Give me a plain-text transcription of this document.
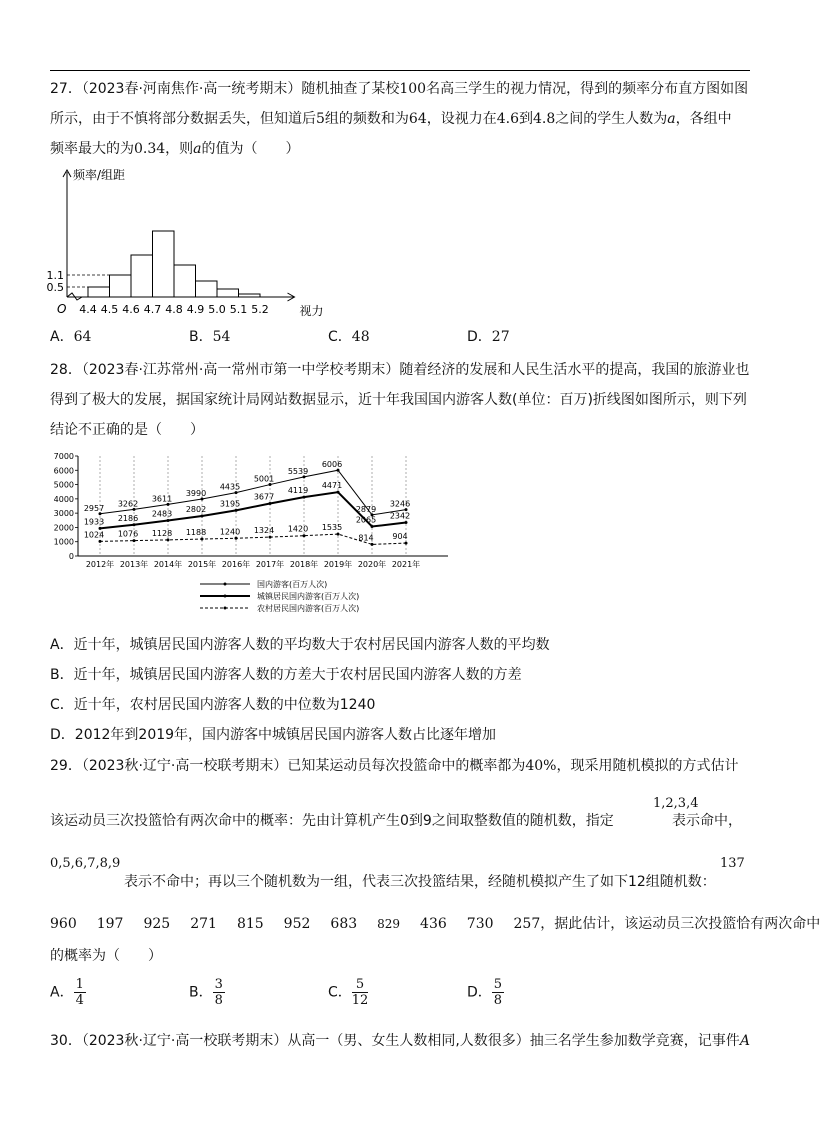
27．（2023春·河南焦作·高一统考期末）随机抽查了某校100名高三学生的视力情况，得到的频率分布直方图如图
所示，由于不慎将部分数据丢失，但知道后5组的频数和为64，设视力在4.6到4.8之间的学生人数为a，各组中
频率最大的为0.34，则a的值为（　　）
频率/组距
视力
O
1.1
0.5
4.4 4.5 4.6 4.7 4.8 4.9 5.0 5.1 5.2
A．64	B．54	C．48	D．27
28．（2023春·江苏常州·高一常州市第一中学校考期末）随着经济的发展和人民生活水平的提高，我国的旅游业也
得到了极大的发展，据国家统计局网站数据显示，近十年我国国内游客人数(单位：百万)折线图如图所示，则下列
结论不正确的是（　　）
0
1000
2000
3000
4000
5000
6000
7000
2012年 2013年 2014年 2015年 2016年 2017年 2018年 2019年 2020年 2021年
2957 3262
3611
3990
4435
5001
5539
6006
2879
3246
1933 2186 2483
2802
3195
3677
4119
4471
2065 2342
1024 1076 1128 1188 1240 1324 1420 1535
814 904
国内游客(百万人次)
城镇居民国内游客(百万人次)
农村居民国内游客(百万人次)
A．近十年，城镇居民国内游客人数的平均数大于农村居民国内游客人数的平均数
B．近十年，城镇居民国内游客人数的方差大于农村居民国内游客人数的方差
C．近十年，农村居民国内游客人数的中位数为1240
D．2012年到2019年，国内游客中城镇居民国内游客人数占比逐年增加
29．（2023秋·辽宁·高一校联考期末）已知某运动员每次投篮命中的概率都为40%，现采用随机模拟的方式估计
该运动员三次投篮恰有两次命中的概率：先由计算机产生0到9之间取整数值的随机数，指定
1,2,3,4
表示命中，
0,5,6,7,8,9
表示不命中；再以三个随机数为一组，代表三次投篮结果，经随机模拟产生了如下12组随机数：
137
960 197 925 271 815 952 683 829 436 730 257，据此估计，该运动员三次投篮恰有两次命中
的概率为（　　）
A． $\frac{1}{4}$	B． $\frac{3}{8}$	C． $\frac{5}{12}$	D． $\frac{5}{8}$
30．（2023秋·辽宁·高一校联考期末）从高一（男、女生人数相同,人数很多）抽三名学生参加数学竞赛，记事件A
